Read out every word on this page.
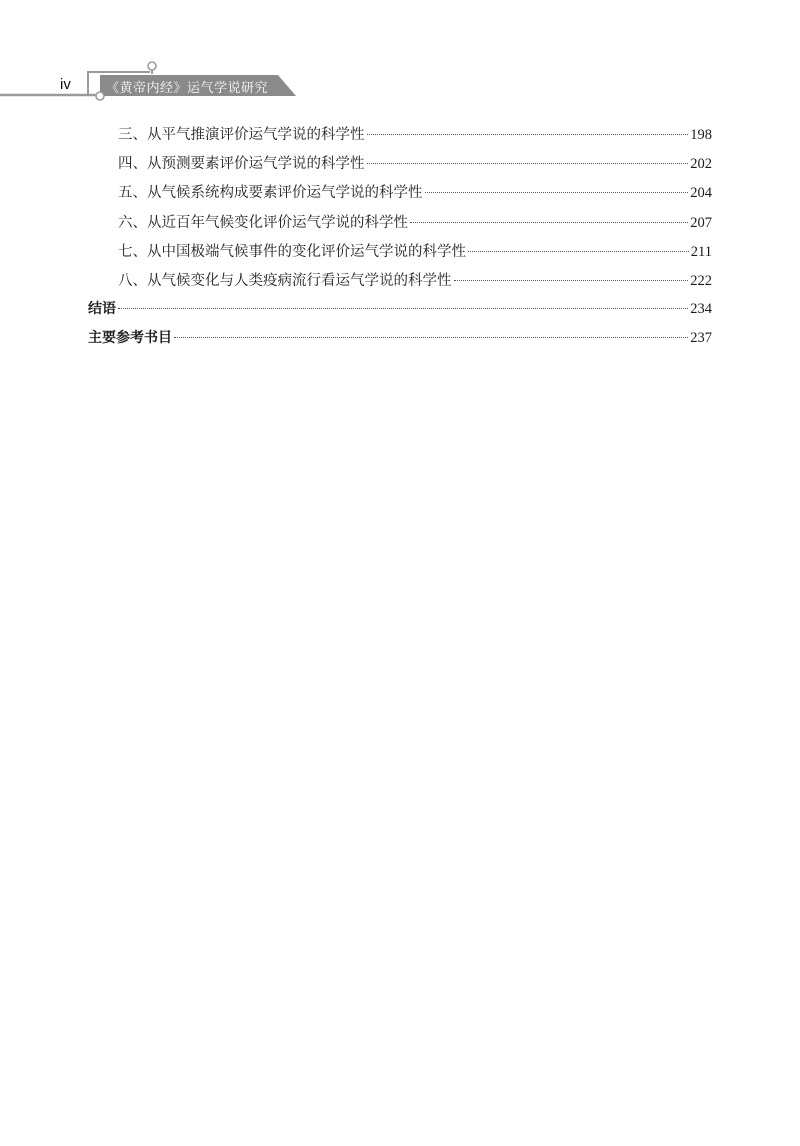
iv	《黄帝内经》运气学说研究
三、从平气推演评价运气学说的科学性	198
四、从预测要素评价运气学说的科学性	202
五、从气候系统构成要素评价运气学说的科学性	204
六、从近百年气候变化评价运气学说的科学性	207
七、从中国极端气候事件的变化评价运气学说的科学性	211
八、从气候变化与人类疫病流行看运气学说的科学性	222
结语	234
主要参考书目	237
